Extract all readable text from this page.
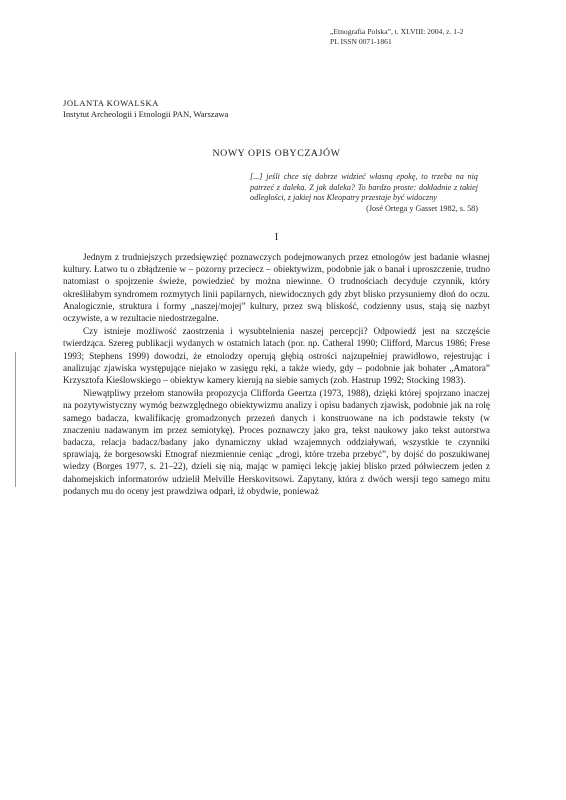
„Etnografia Polska”, t. XLVIII: 2004, z. 1-2
PL ISSN 0071-1861
JOLANTA KOWALSKA
Instytut Archeologii i Etnologii PAN, Warszawa
NOWY OPIS OBYCZAJÓW
[...] jeśli chce się dobrze widzieć własną epokę, to trzeba na nią patrzeć z daleka. Z jak daleka? To bardzo proste: dokładnie z takiej odległości, z jakiej nos Kleopatry przestaje być widoczny
(José Ortega y Gasset 1982, s. 58)
I

Jednym z trudniejszych przedsięwzięć poznawczych podejmowanych przez etnologów jest badanie własnej kultury. Łatwo tu o zbłądzenie w – pozorny przeciecz – obiektywizm, podobnie jak o banał i uproszczenie, trudno natomiast o spojrzenie świeże, powiedzieć by można niewinne. O trudnościach decyduje czynnik, który określiłabym syndromem rozmytych linii papilarnych, niewidocznych gdy zbyt blisko przysuniemy dłoń do oczu. Analogicznie, struktura i formy „naszej/mojej” kultury, przez swą bliskość, codzienny usus, stają się nazbyt oczywiste, a w rezultacie niedostrzegalne.

Czy istnieje możliwość zaostrzenia i wysubtelnienia naszej percepcji? Odpowiedź jest na szczęście twierdząca. Szereg publikacji wydanych w ostatnich latach (por. np. Catheral 1990; Clifford, Marcus 1986; Frese 1993; Stephens 1999) dowodzi, że etnolodzy operują głębią ostrości najzupełniej prawidłowo, rejestrując i analizując zjawiska występujące niejako w zasięgu ręki, a także wiedy, gdy – podobnie jak bohater „Amatora” Krzysztofa Kieślowskiego – obiektyw kamery kierują na siebie samych (zob. Hastrup 1992; Stocking 1983).

Niewątpliwy przełom stanowiła propozycja Clifforda Geertza (1973, 1988), dzięki której spojrzano inaczej na pozytywistyczny wymóg bezwzględnego obiektywizmu analizy i opisu badanych zjawisk, podobnie jak na rolę samego badacza, kwalifikację gromadzonych przezeń danych i konstruowane na ich podstawie teksty (w znaczeniu nadawanym im przez semiotykę). Proces poznawczy jako gra, tekst naukowy jako tekst autorstwa badacza, relacja badacz/badany jako dynamiczny układ wzajemnych oddziaływań, wszystkie te czynniki sprawiają, że borgesowski Etnograf niezmiennie ceniąc „drogi, które trzeba przebyć”, by dojść do poszukiwanej wiedzy (Borges 1977, s. 21–22), dzieli się nią, mając w pamięci lekcję jakiej blisko przed półwieczem jeden z dahomejskich informatorów udzielił Melville Herskovitsowi. Zapytany, która z dwóch wersji tego samego mitu podanych mu do oceny jest prawdziwa odparł, iż obydwie, ponieważ
